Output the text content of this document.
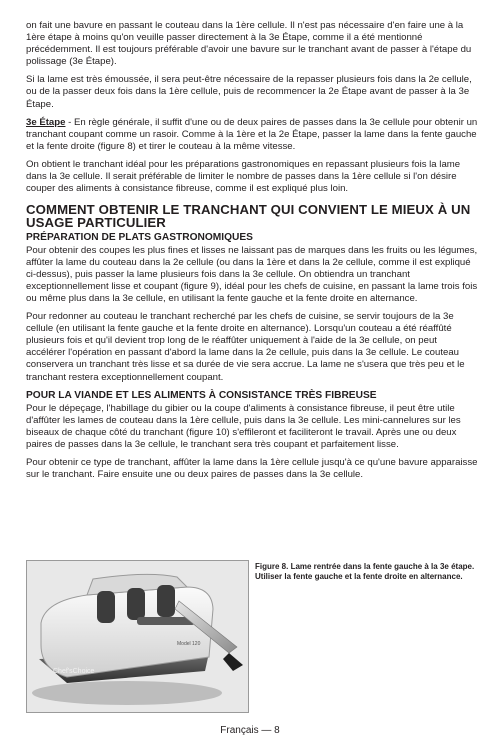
on fait une bavure en passant le couteau dans la 1ère cellule. Il n'est pas nécessaire d'en faire une à la 1ère étape à moins qu'on veuille passer directement à la 3e Étape, comme il a été mentionné précédemment. Il est toujours préférable d'avoir une bavure sur le tranchant avant de passer à l'étape du polissage (3e Étape).

Si la lame est très émoussée, il sera peut-être nécessaire de la repasser plusieurs fois dans la 2e cellule, ou de la passer deux fois dans la 1ère cellule, puis de recommencer la 2e Étape avant de passer à la 3e Étape.

3e Étape - En règle générale, il suffit d'une ou de deux paires de passes dans la 3e cellule pour obtenir un tranchant coupant comme un rasoir. Comme à la 1ère et la 2e Étape, passer la lame dans la fente gauche et la fente droite (figure 8) et tirer le couteau à la même vitesse.

On obtient le tranchant idéal pour les préparations gastronomiques en repassant plusieurs fois la lame dans la 3e cellule. Il serait préférable de limiter le nombre de passes dans la 1ère cellule si l'on désire couper des aliments à consistance fibreuse, comme il est expliqué plus loin.

COMMENT OBTENIR LE TRANCHANT QUI CONVIENT LE MIEUX À UN USAGE PARTICULIER
PRÉPARATION DE PLATS GASTRONOMIQUES

Pour obtenir des coupes les plus fines et lisses ne laissant pas de marques dans les fruits ou les légumes, affûter la lame du couteau dans la 2e cellule (ou dans la 1ère et dans la 2e cellule, comme il est expliqué ci-dessus), puis passer la lame plusieurs fois dans la 3e cellule. On obtiendra un tranchant exceptionnellement lisse et coupant (figure 9), idéal pour les chefs de cuisine, en passant la lame trois fois ou même plus dans la 3e cellule, en utilisant la fente gauche et la fente droite en alternance.

Pour redonner au couteau le tranchant recherché par les chefs de cuisine, se servir toujours de la 3e cellule (en utilisant la fente gauche et la fente droite en alternance). Lorsqu'un couteau a été réaffûté plusieurs fois et qu'il devient trop long de le réaffûter uniquement à l'aide de la 3e cellule, on peut accélérer l'opération en passant d'abord la lame dans la 2e cellule, puis dans la 3e cellule. Le couteau conservera un tranchant très lisse et sa durée de vie sera accrue. La lame ne s'usera que très peu et le tranchant restera exceptionnellement coupant.

POUR LA VIANDE ET LES ALIMENTS À CONSISTANCE TRÈS FIBREUSE

Pour le dépeçage, l'habillage du gibier ou la coupe d'aliments à consistance fibreuse, il peut être utile d'affûter les lames de couteau dans la 1ère cellule, puis dans la 3e cellule. Les mini-cannelures sur les biseaux de chaque côté du tranchant (figure 10) s'effileront et faciliteront le travail. Après une ou deux paires de passes dans la 3e cellule, le tranchant sera très coupant et parfaitement lisse.

Pour obtenir ce type de tranchant, affûter la lame dans la 1ère cellule jusqu'à ce qu'une bavure apparaisse sur le tranchant. Faire ensuite une ou deux paires de passes dans la 3e cellule.

Chef'sChoice
Model 120
Figure 8. Lame rentrée dans la fente gauche à la 3e étape. Utiliser la fente gauche et la fente droite en alternance.
Français — 8
